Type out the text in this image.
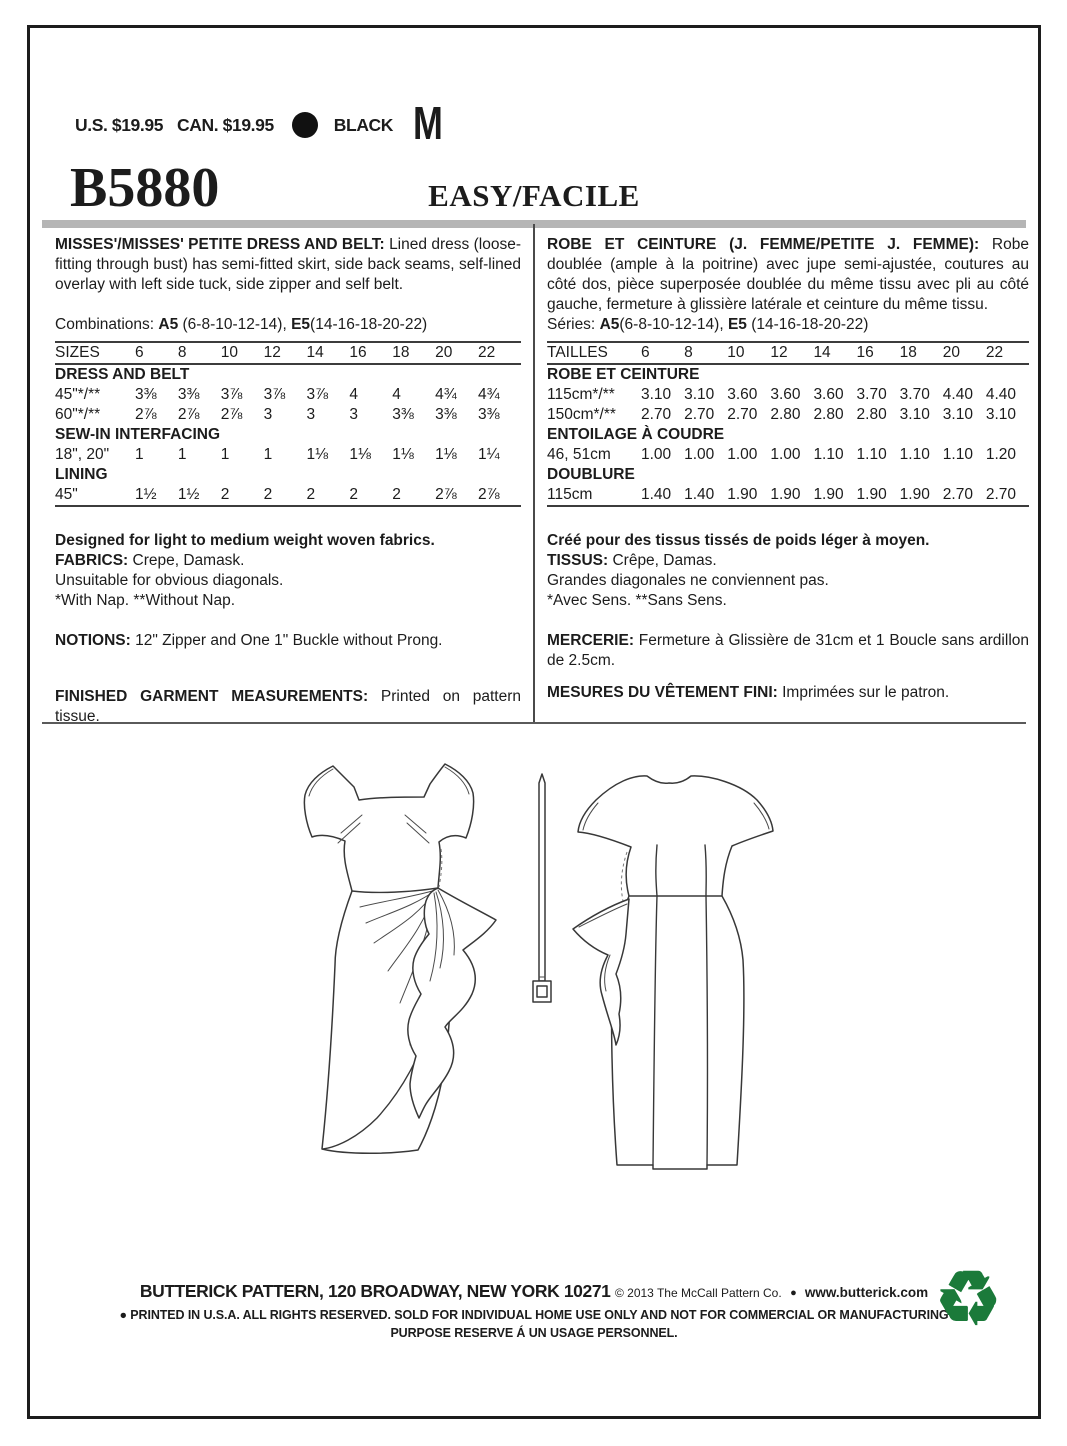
U.S. $19.95 CAN. $19.95	BLACK M
B5880	EASY/FACILE

MISSES'/MISSES' PETITE DRESS AND BELT: Lined dress (loose-fitting through bust) has semi-fitted skirt, side back seams, self-lined overlay with left side tuck, side zipper and self belt.

Combinations: A5 (6-8-10-12-14), E5(14-16-18-20-22)

SIZES	6	8	10	12	14	16	18	20	22
DRESS AND BELT									
45"*/**	3⅜	3⅜	3⅞	3⅞	3⅞	4	4	4¾	4¾
60"*/**	2⅞	2⅞	2⅞	3	3	3	3⅜	3⅜	3⅜
SEW-IN INTERFACING									
18", 20"	1	1	1	1	1⅛	1⅛	1⅛	1⅛	1¼
LINING									
45"	1½	1½	2	2	2	2	2	2⅞	2⅞

Designed for light to medium weight woven fabrics.

FABRICS: Crepe, Damask.

Unsuitable for obvious diagonals.

*With Nap. **Without Nap.

NOTIONS: 12" Zipper and One 1" Buckle without Prong.

FINISHED GARMENT MEASUREMENTS: Printed on pattern tissue.

ROBE ET CEINTURE (J. FEMME/PETITE J. FEMME): Robe doublée (ample à la poitrine) avec jupe semi-ajustée, coutures au côté dos, pièce superposée doublée du même tissu avec pli au côté gauche, fermeture à glissière latérale et ceinture du même tissu.

Séries: A5(6-8-10-12-14), E5 (14-16-18-20-22)

TAILLES	6	8	10	12	14	16	18	20	22
ROBE ET CEINTURE									
115cm*/**	3.10	3.10	3.60	3.60	3.60	3.70	3.70	4.40	4.40
150cm*/**	2.70	2.70	2.70	2.80	2.80	2.80	3.10	3.10	3.10
ENTOILAGE À COUDRE									
46, 51cm	1.00	1.00	1.00	1.00	1.10	1.10	1.10	1.10	1.20
DOUBLURE									
115cm	1.40	1.40	1.90	1.90	1.90	1.90	1.90	2.70	2.70

Créé pour des tissus tissés de poids léger à moyen.

TISSUS: Crêpe, Damas.

Grandes diagonales ne conviennent pas.

*Avec Sens. **Sans Sens.

MERCERIE: Fermeture à Glissière de 31cm et 1 Boucle sans ardillon de 2.5cm.

MESURES DU VÊTEMENT FINI: Imprimées sur le patron.

BUTTERICK PATTERN, 120 BROADWAY, NEW YORK 10271 © 2013 The McCall Pattern Co. ● www.butterick.com
● PRINTED IN U.S.A. ALL RIGHTS RESERVED. SOLD FOR INDIVIDUAL HOME USE ONLY AND NOT FOR COMMERCIAL OR MANUFACTURING
PURPOSE RESERVE Á UN USAGE PERSONNEL.	♻
